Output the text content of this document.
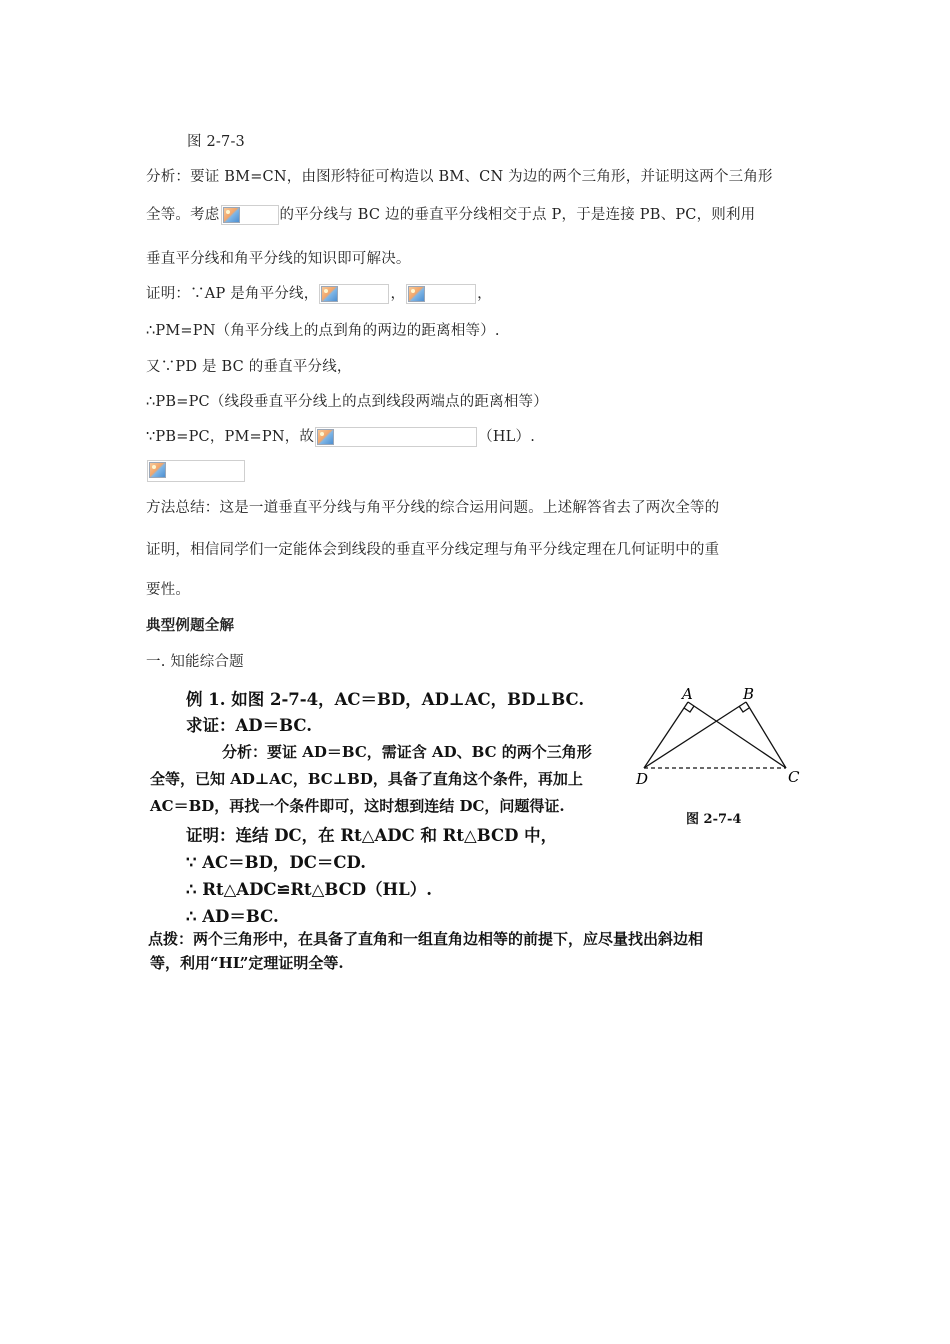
图 2-7-3
分析：要证 BM=CN，由图形特征可构造以 BM、CN 为边的两个三角形，并证明这两个三角形
全等。考虑	的平分线与 BC 边的垂直平分线相交于点 P，于是连接 PB、PC，则利用
垂直平分线和角平分线的知识即可解决。
证明：∵AP 是角平分线，	，	，
∴PM=PN（角平分线上的点到角的两边的距离相等）.
又∵PD 是 BC 的垂直平分线，
∴PB=PC（线段垂直平分线上的点到线段两端点的距离相等）
∵PB=PC，PM=PN，故	（HL）.
方法总结：这是一道垂直平分线与角平分线的综合运用问题。上述解答省去了两次全等的
证明，相信同学们一定能体会到线段的垂直平分线定理与角平分线定理在几何证明中的重
要性。
典型例题全解
一. 知能综合题
例 1. 如图 2-7-4，AC＝BD，AD⊥AC，BD⊥BC.
求证：AD＝BC.
分析：要证 AD＝BC，需证含 AD、BC 的两个三角形
全等，已知 AD⊥AC，BC⊥BD，具备了直角这个条件，再加上
AC＝BD，再找一个条件即可，这时想到连结 DC，问题得证.
证明：连结 DC，在 Rt△ADC 和 Rt△BCD 中，
∵ AC＝BD，DC＝CD.
∴ Rt△ADC≌Rt△BCD（HL）.
∴ AD＝BC.
点拨：两个三角形中，在具备了直角和一组直角边相等的前提下，应尽量找出斜边相
等，利用“HL”定理证明全等.
A	B
D	C
图 2-7-4
